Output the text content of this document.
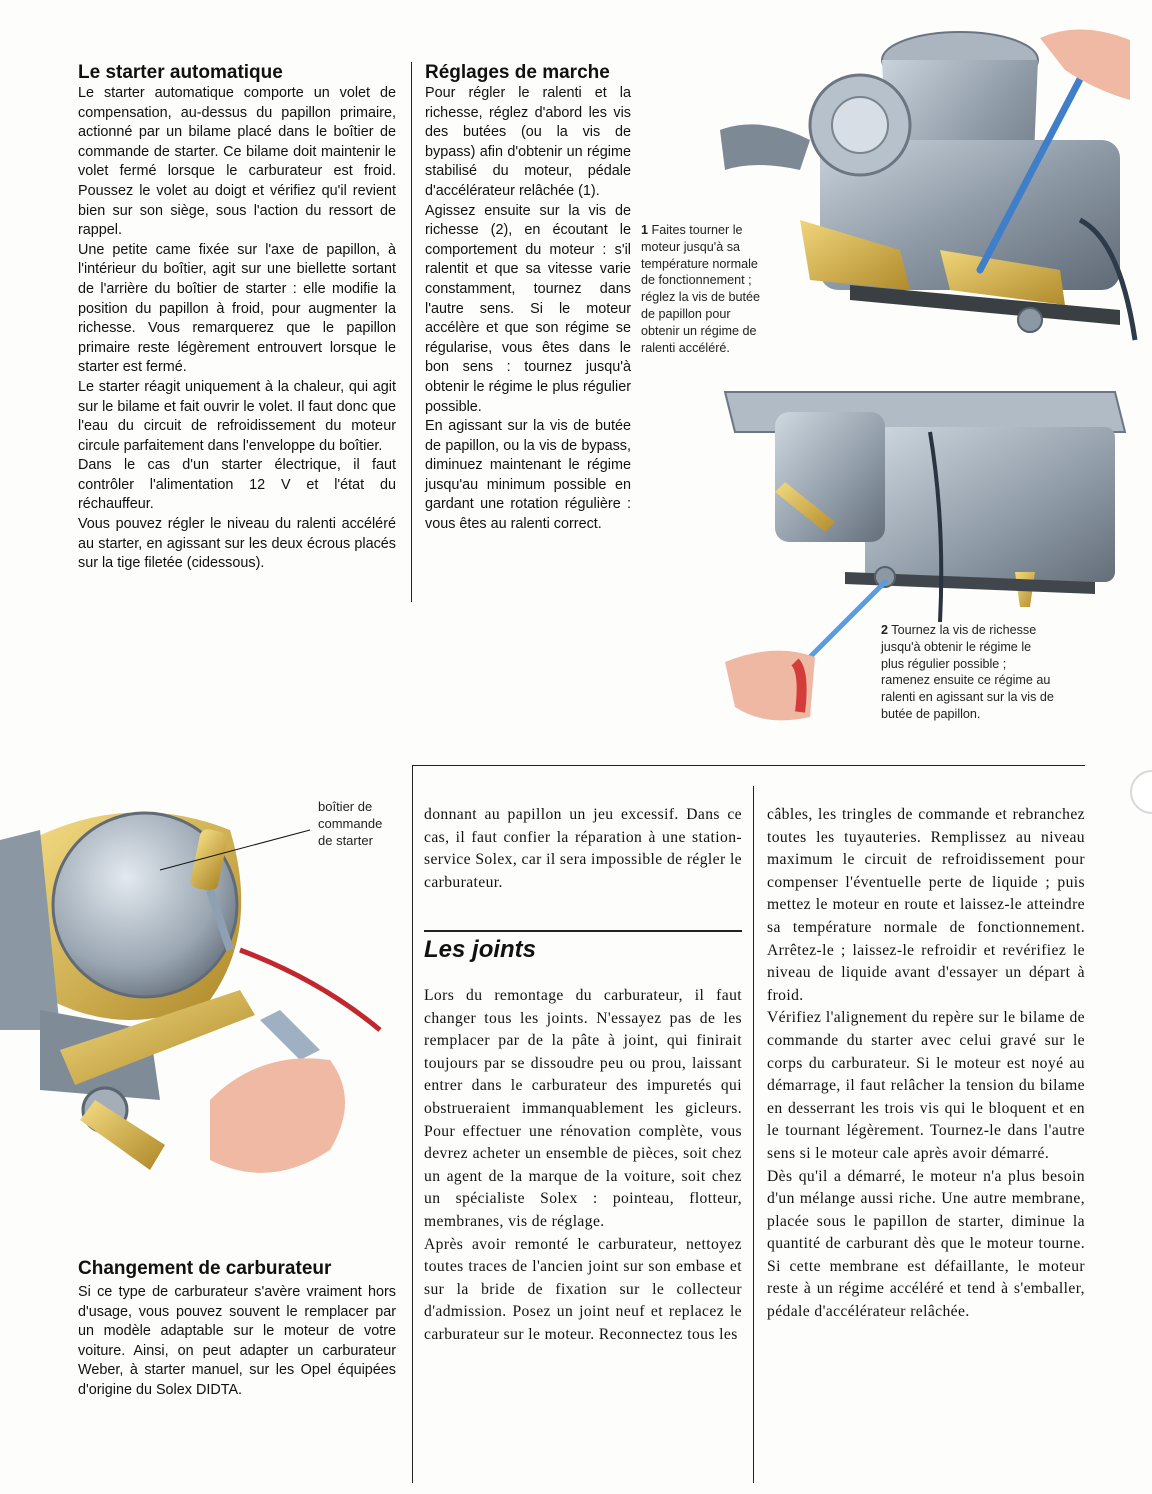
Le starter automatique

Le starter automatique comporte un volet de compensation, au-dessus du papillon primaire, actionné par un bilame placé dans le boîtier de commande de starter. Ce bilame doit maintenir le volet fermé lorsque le carburateur est froid. Poussez le volet au doigt et vérifiez qu'il revient bien sur son siège, sous l'action du ressort de rappel.

Une petite came fixée sur l'axe de papillon, à l'intérieur du boîtier, agit sur une biellette sortant de l'arrière du boîtier de starter : elle modifie la position du papillon à froid, pour augmenter la richesse. Vous remarquerez que le papillon primaire reste légèrement entrouvert lorsque le starter est fermé.

Le starter réagit uniquement à la chaleur, qui agit sur le bilame et fait ouvrir le volet. Il faut donc que l'eau du circuit de refroidissement du moteur circule parfaitement dans l'enveloppe du boîtier.

Dans le cas d'un starter électrique, il faut contrôler l'alimentation 12 V et l'état du réchauffeur.

Vous pouvez régler le niveau du ralenti accéléré au starter, en agissant sur les deux écrous placés sur la tige filetée (cidessous).

Réglages de marche

Pour régler le ralenti et la richesse, réglez d'abord les vis des butées (ou la vis de bypass) afin d'obtenir un régime stabilisé du moteur, pédale d'accélérateur relâchée (1).

Agissez ensuite sur la vis de richesse (2), en écoutant le comportement du moteur : s'il ralentit et que sa vitesse varie constamment, tournez dans l'autre sens. Si le moteur accélère et que son régime se régularise, vous êtes dans le bon sens : tournez jusqu'à obtenir le régime le plus régulier possible.

En agissant sur la vis de butée de papillon, ou la vis de bypass, diminuez maintenant le régime jusqu'au minimum possible en gardant une rotation régulière : vous êtes au ralenti correct.

1 Faites tourner le moteur jusqu'à sa température normale de fonctionnement ; réglez la vis de butée de papillon pour obtenir un régime de ralenti accéléré.
2 Tournez la vis de richesse jusqu'à obtenir le régime le plus régulier possible ; ramenez ensuite ce régime au ralenti en agissant sur la vis de butée de papillon.
boîtier de commande de starter
Changement de carburateur

Si ce type de carburateur s'avère vraiment hors d'usage, vous pouvez souvent le remplacer par un modèle adaptable sur le moteur de votre voiture. Ainsi, on peut adapter un carburateur Weber, à starter manuel, sur les Opel équipées d'origine du Solex DIDTA.

donnant au papillon un jeu excessif. Dans ce cas, il faut confier la réparation à une station-service Solex, car il sera impossible de régler le carburateur.

Les joints

Lors du remontage du carburateur, il faut changer tous les joints. N'essayez pas de les remplacer par de la pâte à joint, qui finirait toujours par se dissoudre peu ou prou, laissant entrer dans le carburateur des impuretés qui obstrueraient immanquablement les gicleurs. Pour effectuer une rénovation complète, vous devrez acheter un ensemble de pièces, soit chez un agent de la marque de la voiture, soit chez un spécialiste Solex : pointeau, flotteur, membranes, vis de réglage.

Après avoir remonté le carburateur, nettoyez toutes traces de l'ancien joint sur son embase et sur la bride de fixation sur le collecteur d'admission. Posez un joint neuf et replacez le carburateur sur le moteur. Reconnectez tous les

câbles, les tringles de commande et rebranchez toutes les tuyauteries. Remplissez au niveau maximum le circuit de refroidissement pour compenser l'éventuelle perte de liquide ; puis mettez le moteur en route et laissez-le atteindre sa température normale de fonctionnement. Arrêtez-le ; laissez-le refroidir et revérifiez le niveau de liquide avant d'essayer un départ à froid.

Vérifiez l'alignement du repère sur le bilame de commande du starter avec celui gravé sur le corps du carburateur. Si le moteur est noyé au démarrage, il faut relâcher la tension du bilame en desserrant les trois vis qui le bloquent et en le tournant légèrement. Tournez-le dans l'autre sens si le moteur cale après avoir démarré.

Dès qu'il a démarré, le moteur n'a plus besoin d'un mélange aussi riche. Une autre membrane, placée sous le papillon de starter, diminue la quantité de carburant dès que le moteur tourne. Si cette membrane est défaillante, le moteur reste à un régime accéléré et tend à s'emballer, pédale d'accélérateur relâchée.
